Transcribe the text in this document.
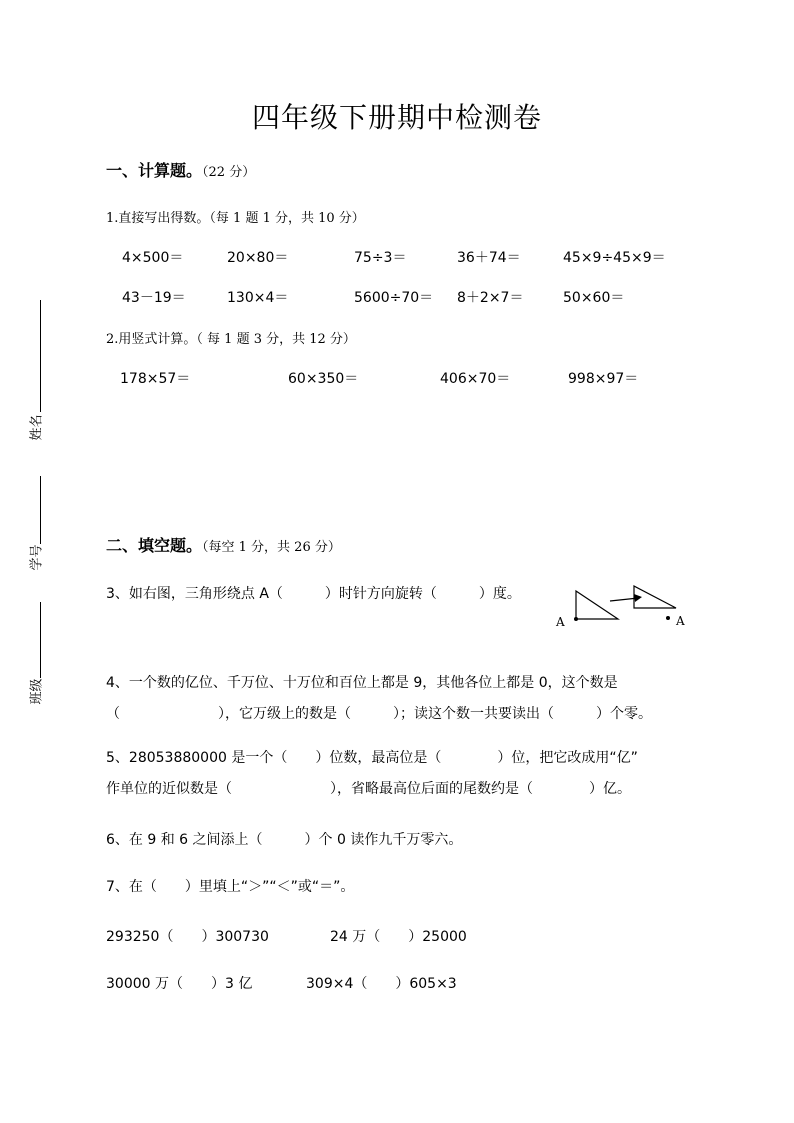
姓名
学号
班级
四年级下册期中检测卷
一、计算题。（22 分）
1.直接写出得数。（每 1 题 1 分，共 10 分）
4×500＝	20×80＝	75÷3＝	36＋74＝	45×9÷45×9＝
43－19＝	130×4＝	5600÷70＝ 8＋2×7＝	50×60＝
2.用竖式计算。（ 每 1 题 3 分，共 12 分）
178×57＝	60×350＝	406×70＝	998×97＝
二、填空题。（每空 1 分，共 26 分）
3、如右图，三角形绕点 A（　　　）时针方向旋转（　　　）度。
A	A
4、一个数的亿位、千万位、十万位和百位上都是 9，其他各位上都是 0，这个数是
（　　　　　　　），它万级上的数是（　　　）；读这个数一共要读出（　　　）个零。
5、28053880000 是一个（　　）位数，最高位是（　　　　）位，把它改成用“亿”
作单位的近似数是（　　　　　　　），省略最高位后面的尾数约是（　　　　）亿。
6、在 9 和 6 之间添上（　　　）个 0 读作九千万零六。
7、在（　　）里填上“＞”“＜”或“＝”。
293250（　　）300730	24 万（　　）25000
30000 万（　　）3 亿	309×4（　　）605×3
